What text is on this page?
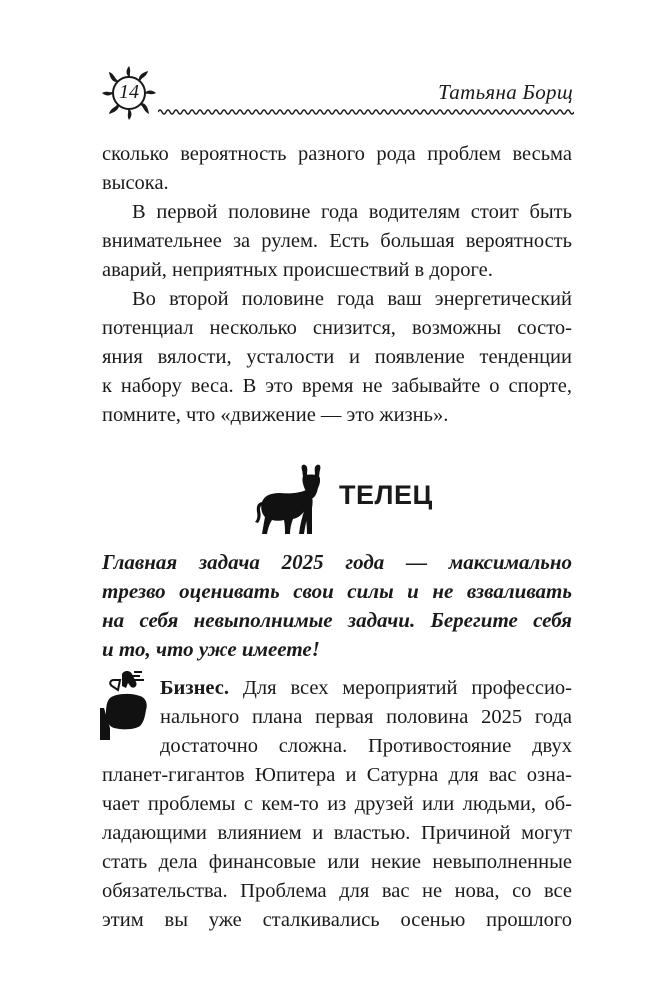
14	Татьяна Борщ
сколько вероятность разного рода проблем весьма
высока.
В первой половине года водителям стоит быть
внимательнее за рулем. Есть большая вероятность
аварий, неприятных происшествий в дороге.
Во второй половине года ваш энергетический
потенциал несколько снизится, возможны состо-
яния вялости, усталости и появление тенденции
к набору веса. В это время не забывайте о спорте,
помните, что «движение — это жизнь».
ТЕЛЕЦ
Главная задача 2025 года — максимально
трезво оценивать свои силы и не взваливать
на себя невыполнимые задачи. Берегите себя
и то, что уже имеете!
Бизнес. Для всех мероприятий профессио-
нального плана первая половина 2025 года
достаточно сложна. Противостояние двух
планет-гигантов Юпитера и Сатурна для вас озна-
чает проблемы с кем-то из друзей или людьми, об-
ладающими влиянием и властью. Причиной могут
стать дела финансовые или некие невыполненные
обязательства. Проблема для вас не нова, со все
этим вы уже сталкивались осенью прошлого
